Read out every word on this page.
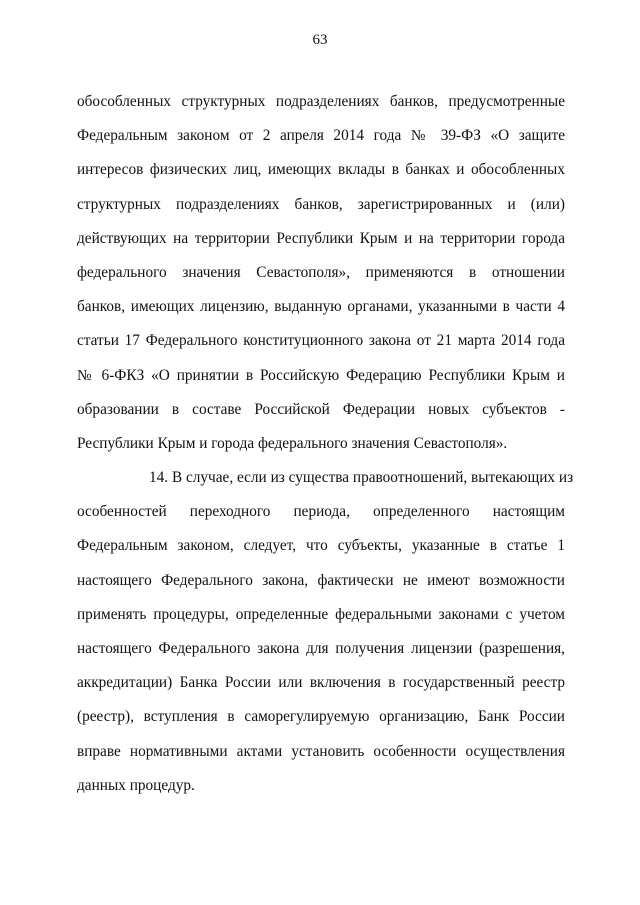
63
обособленных структурных подразделениях банков, предусмотренные
Федеральным законом от 2 апреля 2014 года № 39-ФЗ «О защите
интересов физических лиц, имеющих вклады в банках и обособленных
структурных подразделениях банков, зарегистрированных и (или)
действующих на территории Республики Крым и на территории города
федерального значения Севастополя», применяются в отношении
банков, имеющих лицензию, выданную органами, указанными в части 4
статьи 17 Федерального конституционного закона от 21 марта 2014 года
№ 6-ФКЗ «О принятии в Российскую Федерацию Республики Крым и
образовании в составе Российской Федерации новых субъектов -
Республики Крым и города федерального значения Севастополя».
14. В случае, если из существа правоотношений, вытекающих из
особенностей переходного периода, определенного настоящим
Федеральным законом, следует, что субъекты, указанные в статье 1
настоящего Федерального закона, фактически не имеют возможности
применять процедуры, определенные федеральными законами с учетом
настоящего Федерального закона для получения лицензии (разрешения,
аккредитации) Банка России или включения в государственный реестр
(реестр), вступления в саморегулируемую организацию, Банк России
вправе нормативными актами установить особенности осуществления
данных процедур.
